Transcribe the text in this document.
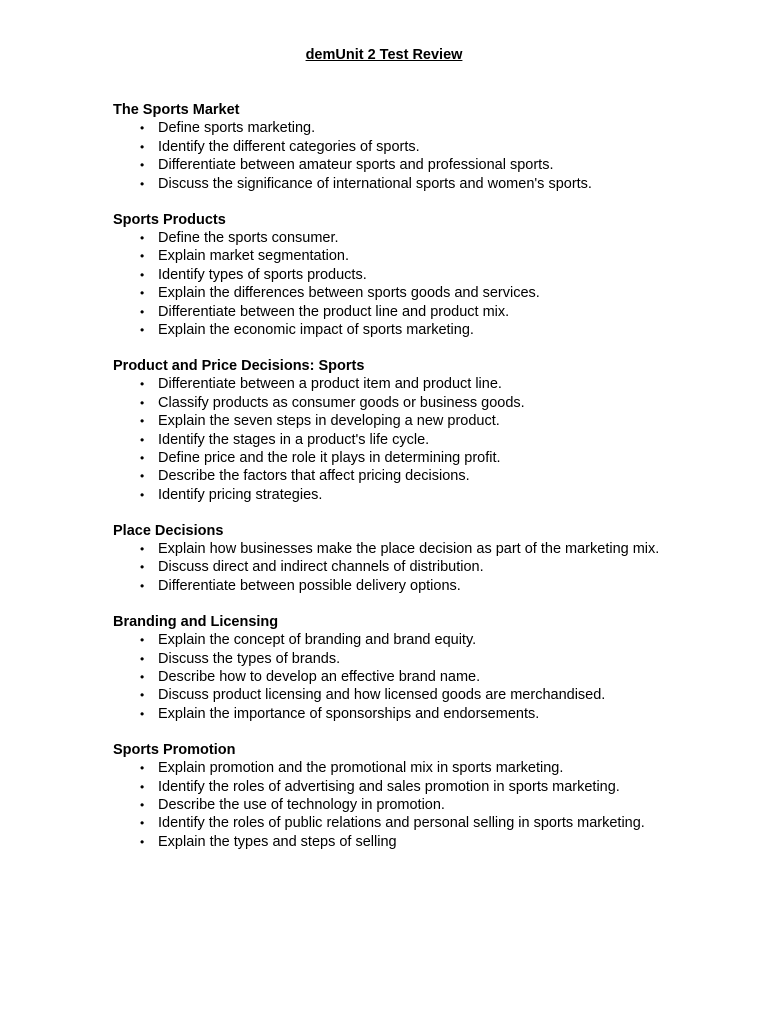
demUnit 2 Test Review
The Sports Market
• Define sports marketing.
• Identify the different categories of sports.
• Differentiate between amateur sports and professional sports.
• Discuss the significance of international sports and women's sports.
Sports Products
• Define the sports consumer.
• Explain market segmentation.
• Identify types of sports products.
• Explain the differences between sports goods and services.
• Differentiate between the product line and product mix.
• Explain the economic impact of sports marketing.
Product and Price Decisions: Sports
• Differentiate between a product item and product line.
• Classify products as consumer goods or business goods.
• Explain the seven steps in developing a new product.
• Identify the stages in a product's life cycle.
• Define price and the role it plays in determining profit.
• Describe the factors that affect pricing decisions.
• Identify pricing strategies.
Place Decisions
• Explain how businesses make the place decision as part of the marketing mix.
• Discuss direct and indirect channels of distribution.
• Differentiate between possible delivery options.
Branding and Licensing
• Explain the concept of branding and brand equity.
• Discuss the types of brands.
• Describe how to develop an effective brand name.
• Discuss product licensing and how licensed goods are merchandised.
• Explain the importance of sponsorships and endorsements.
Sports Promotion
• Explain promotion and the promotional mix in sports marketing.
• Identify the roles of advertising and sales promotion in sports marketing.
• Describe the use of technology in promotion.
• Identify the roles of public relations and personal selling in sports marketing.
• Explain the types and steps of selling
